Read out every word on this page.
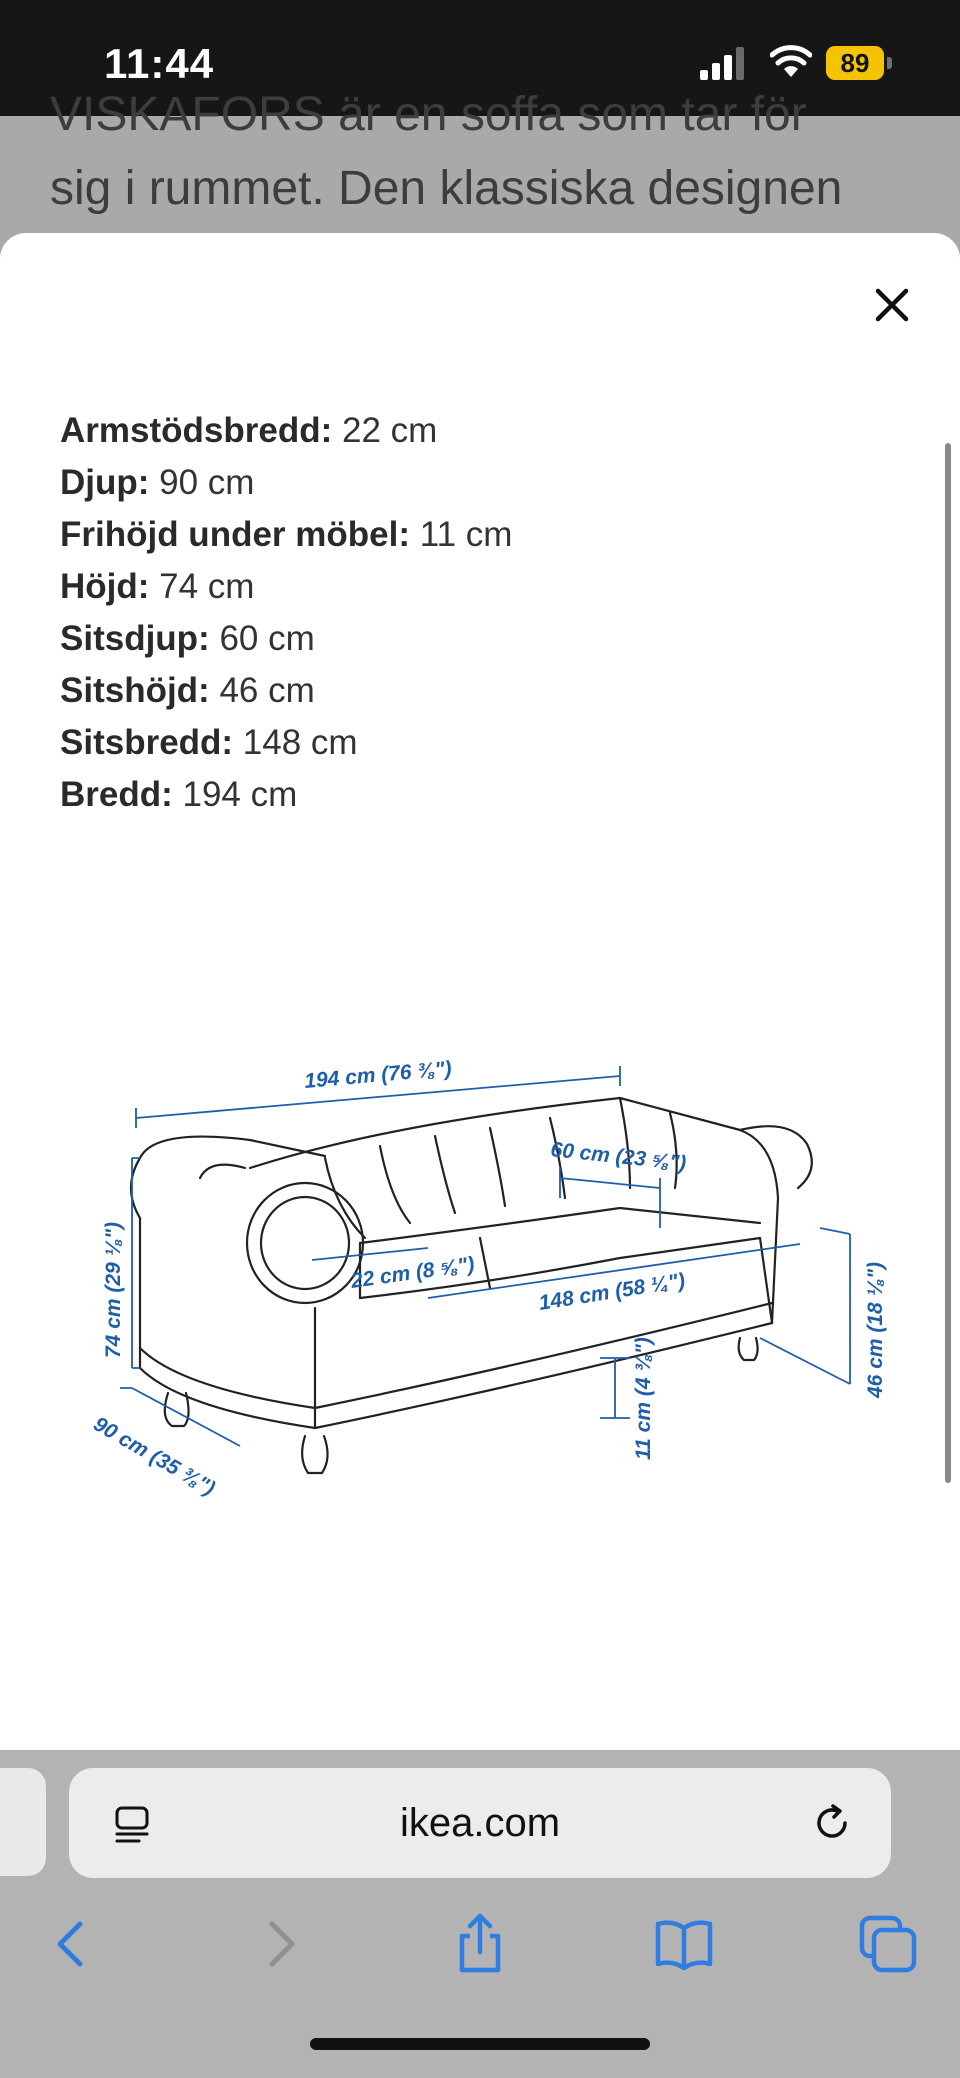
11:44	89
VISKAFORS är en soffa som tar för
sig i rummet. Den klassiska designen
Armstödsbredd: 22 cm
Djup: 90 cm
Frihöjd under möbel: 11 cm
Höjd: 74 cm
Sitsdjup: 60 cm
Sitshöjd: 46 cm
Sitsbredd: 148 cm
Bredd: 194 cm
194 cm (76 ⅜")
60 cm (23 ⅝")
74 cm (29 ⅛")	22 cm (8 ⅝")	148 cm (58 ¼")	46 cm (18 ⅛")
11 cm (4 ⅜")
90 cm (35 ⅜")
ikea.com
